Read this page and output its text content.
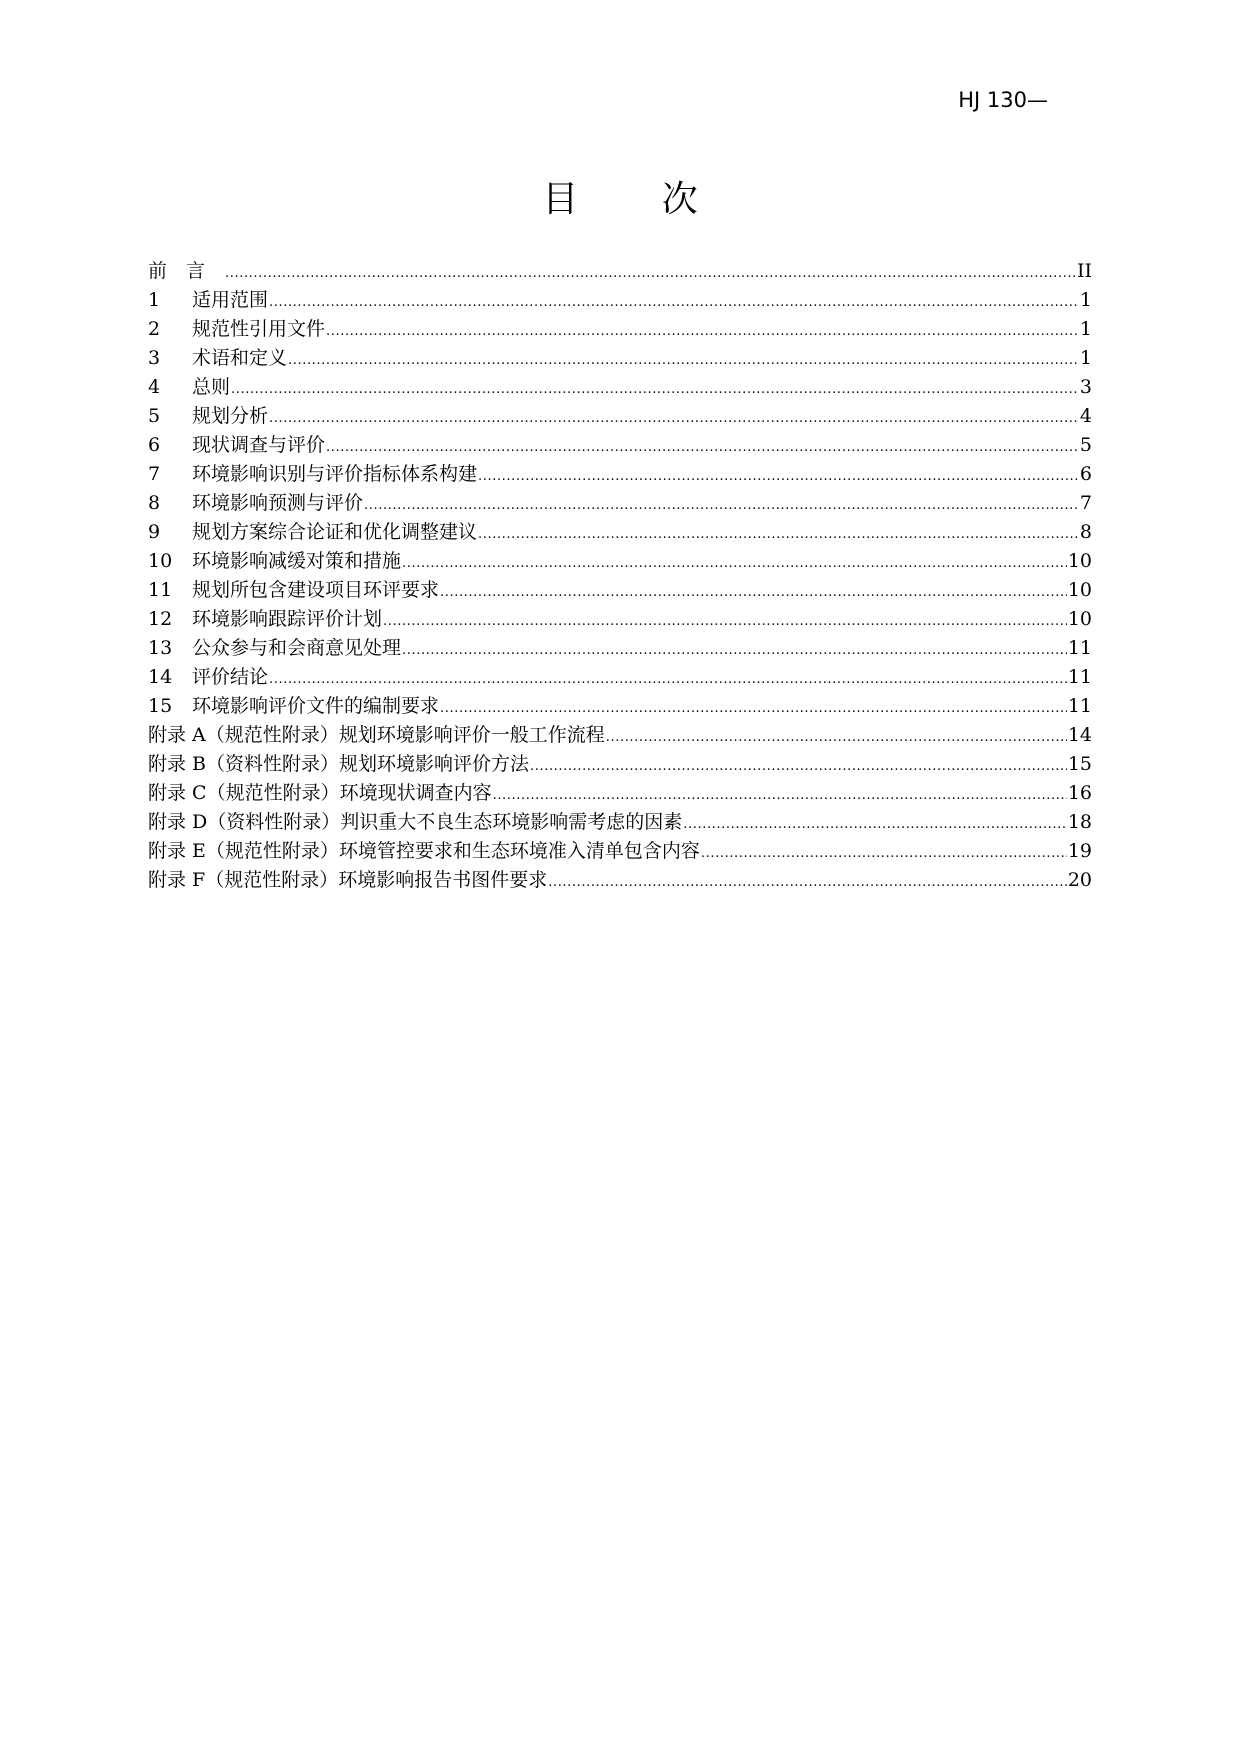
HJ 130—
目 次
前言 .....	II
1	适用范围 .....	1
2	规范性引用文件 .....	1
3	术语和定义 .....	1
4	总则 .....	3
5	规划分析 .....	4
6	现状调查与评价 .....	5
7	环境影响识别与评价指标体系构建 .....	6
8	环境影响预测与评价 .....	7
9	规划方案综合论证和优化调整建议 .....	8
10	环境影响减缓对策和措施 .....	10
11	规划所包含建设项目环评要求 .....	10
12	环境影响跟踪评价计划 .....	10
13	公众参与和会商意见处理 .....	11
14	评价结论 .....	11
15	环境影响评价文件的编制要求 .....	11
附录 A（规范性附录）规划环境影响评价一般工作流程 .....	14
附录 B（资料性附录）规划环境影响评价方法 .....	15
附录 C（规范性附录）环境现状调查内容 .....	16
附录 D（资料性附录）判识重大不良生态环境影响需考虑的因素 .....	18
附录 E（规范性附录）环境管控要求和生态环境准入清单包含内容 .....	19
附录 F（规范性附录）环境影响报告书图件要求 .....	20
